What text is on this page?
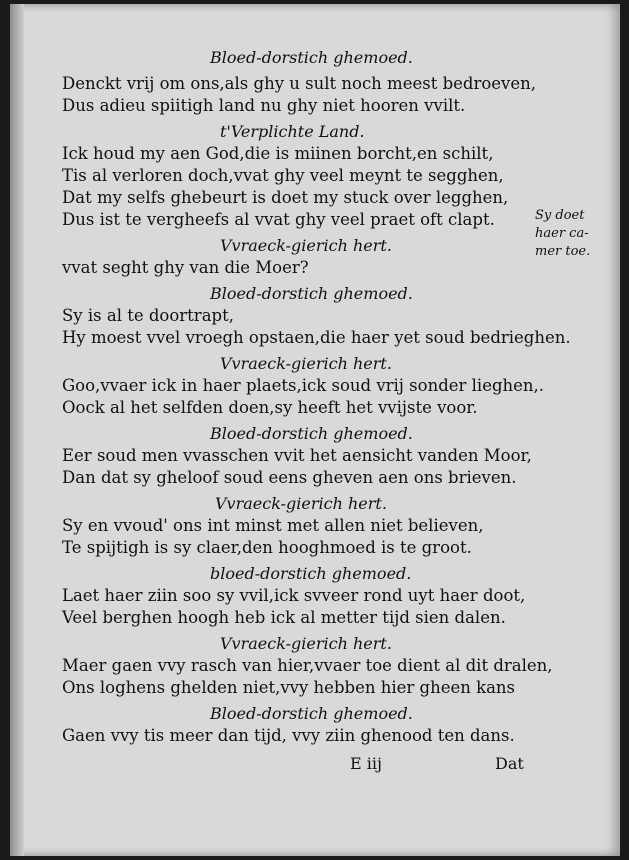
Bloed-dorstich ghemoed.
Denckt vrij om ons,als ghy u sult noch meest bedroeven,
Dus adieu spiitigh land nu ghy niet hooren vvilt.
t'Verplichte Land.
Ick houd my aen God,die is miinen borcht,en schilt,
Tis al verloren doch,vvat ghy veel meynt te segghen,
Dat my selfs ghebeurt is doet my stuck over legghen,
Dus ist te vergheefs al vvat ghy veel praet oft clapt.
Vvraeck-gierich hert.
vvat seght ghy van die Moer?
Bloed-dorstich ghemoed.
Sy is al te doortrapt,
Hy moest vvel vroegh opstaen,die haer yet soud bedrieghen.
Vvraeck-gierich hert.
Goo,vvaer ick in haer plaets,ick soud vrij sonder lieghen,.
Oock al het selfden doen,sy heeft het vvijste voor.
Bloed-dorstich ghemoed.
Eer soud men vvasschen vvit het aensicht vanden Moor,
Dan dat sy gheloof soud eens gheven aen ons brieven.
Vvraeck-gierich hert.
Sy en vvoud' ons int minst met allen niet believen,
Te spijtigh is sy claer,den hooghmoed is te groot.
bloed-dorstich ghemoed.
Laet haer ziin soo sy vvil,ick svveer rond uyt haer doot,
Veel berghen hoogh heb ick al metter tijd sien dalen.
Vvraeck-gierich hert.
Maer gaen vvy rasch van hier,vvaer toe dient al dit dralen,
Ons loghens ghelden niet,vvy hebben hier gheen kans
Bloed-dorstich ghemoed.
Gaen vvy tis meer dan tijd, vvy ziin ghenood ten dans.
Sy doet
haer ca-
mer toe.
E iij	Dat
